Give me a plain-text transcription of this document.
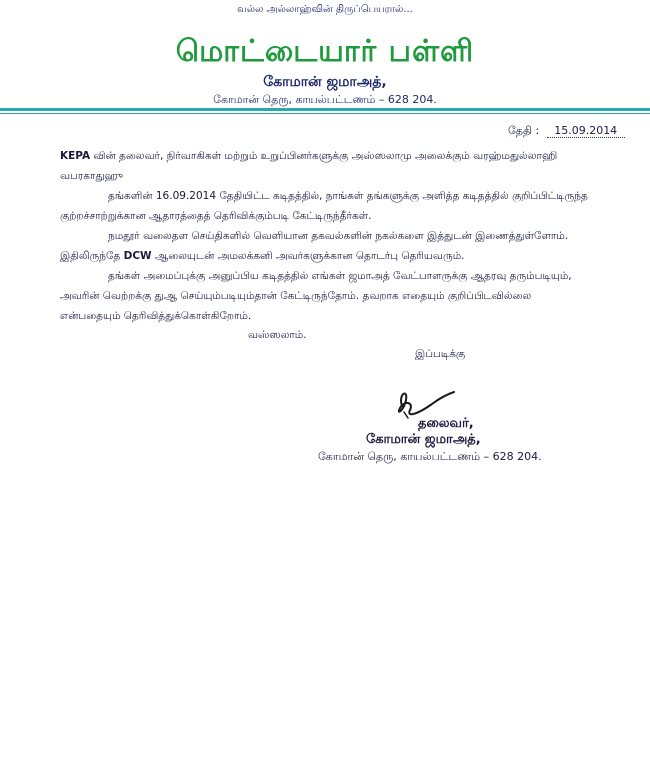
வல்ல அல்லாஹ்வின் திருப்பெயரால்...
மொட்டையார் பள்ளி
கோமான் ஜமாஅத்,
கோமான் தெரு, காயல்பட்டணம் – 628 204.
தேதி : 15.09.2014
KEPA வின் தலைவர், நிர்வாகிகள் மற்றும் உறுப்பினர்களுக்கு அஸ்ஸலாமு அலைக்கும் வரஹ்மதுல்லாஹி வபரகாதுஹு
தங்களின் 16.09.2014 தேதியிட்ட கடிதத்தில், நாங்கள் தங்களுக்கு அளித்த கடிதத்தில் குறிப்பிட்டிருந்த குற்றச்சாற்றுக்கான ஆதாரத்தைத் தெரிவிக்கும்படி கேட்டிருந்தீர்கள்.
நமதூர் வலைதள செய்திகளில் வெளியான தகவல்களின் நகல்களை இத்துடன் இணைத்துள்ளோம். இதிலிருந்தே DCW ஆலையுடன் அமலக்கனி அவர்களுக்கான தொடர்பு தெரியவரும்.
தங்கள் அமைப்புக்கு அனுப்பிய கடிதத்தில் எங்கள் ஜமாஅத் வேட்பாளருக்கு ஆதரவு தரும்படியும், அவரின் வெற்றக்கு துஆ செய்யும்படியும்தான் கேட்டிருந்தோம். தவறாக எதையும் குறிப்பிடவில்லை என்பதையும் தெரிவித்துக்கொள்கிறோம்.
வஸ்ஸலாம்.
இப்படிக்கு
தலைவர்,
கோமான் ஜமாஅத்,
கோமான் தெரு, காயல்பட்டணம் – 628 204.
